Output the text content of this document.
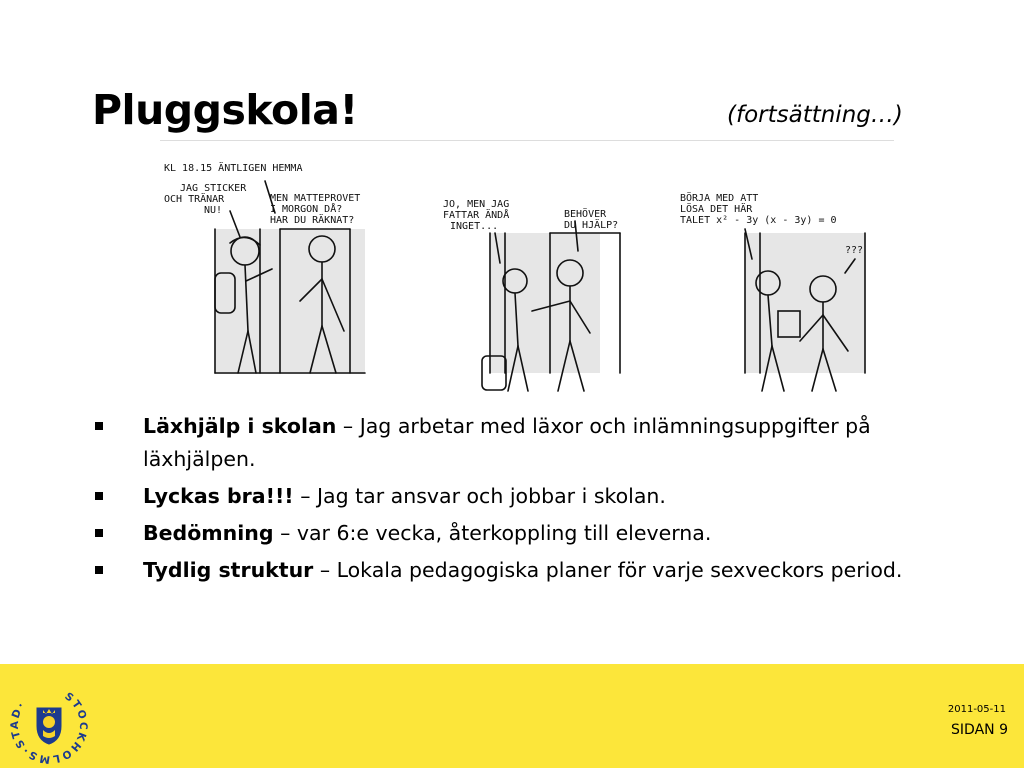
Pluggskola!	(fortsättning…)
KL 18.15 ÄNTLIGEN HEMMA
JAG STICKER
OCH TRÄNAR
NU!
MEN MATTEPROVET
I MORGON DÅ?
HAR DU RÄKNAT?
JO, MEN JAG
FATTAR ÄNDÅ
INGET...
BEHÖVER
DU HJÄLP?
BÖRJA MED ATT
LÖSA DET HÄR
TALET x² - 3y (x - 3y) = 0
???
Läxhjälp i skolan – Jag arbetar med läxor och inlämningsuppgifter på läxhjälpen.
Lyckas bra!!! – Jag tar ansvar och jobbar i skolan.
Bedömning – var 6:e vecka, återkoppling till eleverna.
Tydlig struktur – Lokala pedagogiska planer för varje sexveckors period.
STOCKHOLMS·STAD·	2011-05-11
SIDAN 9
